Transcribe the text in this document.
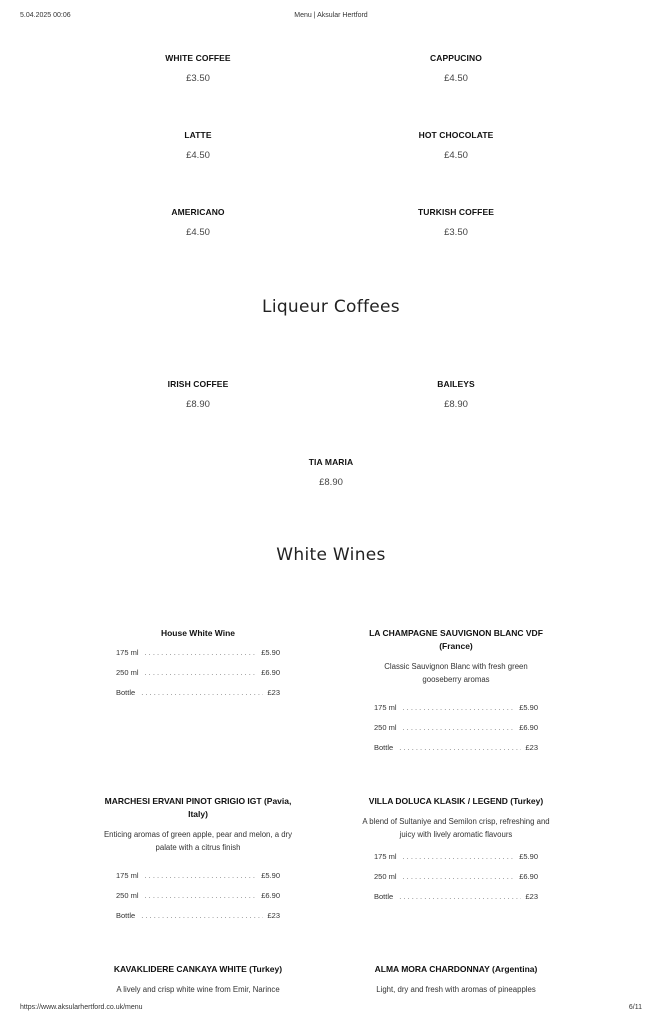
5.04.2025 00:06	Menu | Aksular Hertford
WHITE COFFEE
£3.50
CAPPUCINO
£4.50
LATTE
£4.50
HOT CHOCOLATE
£4.50
AMERICANO
£4.50
TURKISH COFFEE
£3.50
Liqueur Coffees
IRISH COFFEE
£8.90
BAILEYS
£8.90
TIA MARIA
£8.90
White Wines
House White Wine
175 ml . . .	£5.90
250 ml . . .	£6.90
Bottle . . .	£23
LA CHAMPAGNE SAUVIGNON BLANC VDF (France)
Classic Sauvignon Blanc with fresh green gooseberry aromas
175 ml . . .	£5.90
250 ml . . .	£6.90
Bottle . . .	£23
MARCHESI ERVANI PINOT GRIGIO IGT (Pavia, Italy)
Enticing aromas of green apple, pear and melon, a dry palate with a citrus finish
175 ml . . .	£5.90
250 ml . . .	£6.90
Bottle . . .	£23
VILLA DOLUCA KLASIK / LEGEND (Turkey)
A blend of Sultaniye and Semilon crisp, refreshing and juicy with lively aromatic flavours
175 ml . . .	£5.90
250 ml . . .	£6.90
Bottle . . .	£23
KAVAKLIDERE CANKAYA WHITE (Turkey)
A lively and crisp white wine from Emir, Narince
ALMA MORA CHARDONNAY (Argentina)
Light, dry and fresh with aromas of pineapples
https://www.aksularhertford.co.uk/menu	6/11
